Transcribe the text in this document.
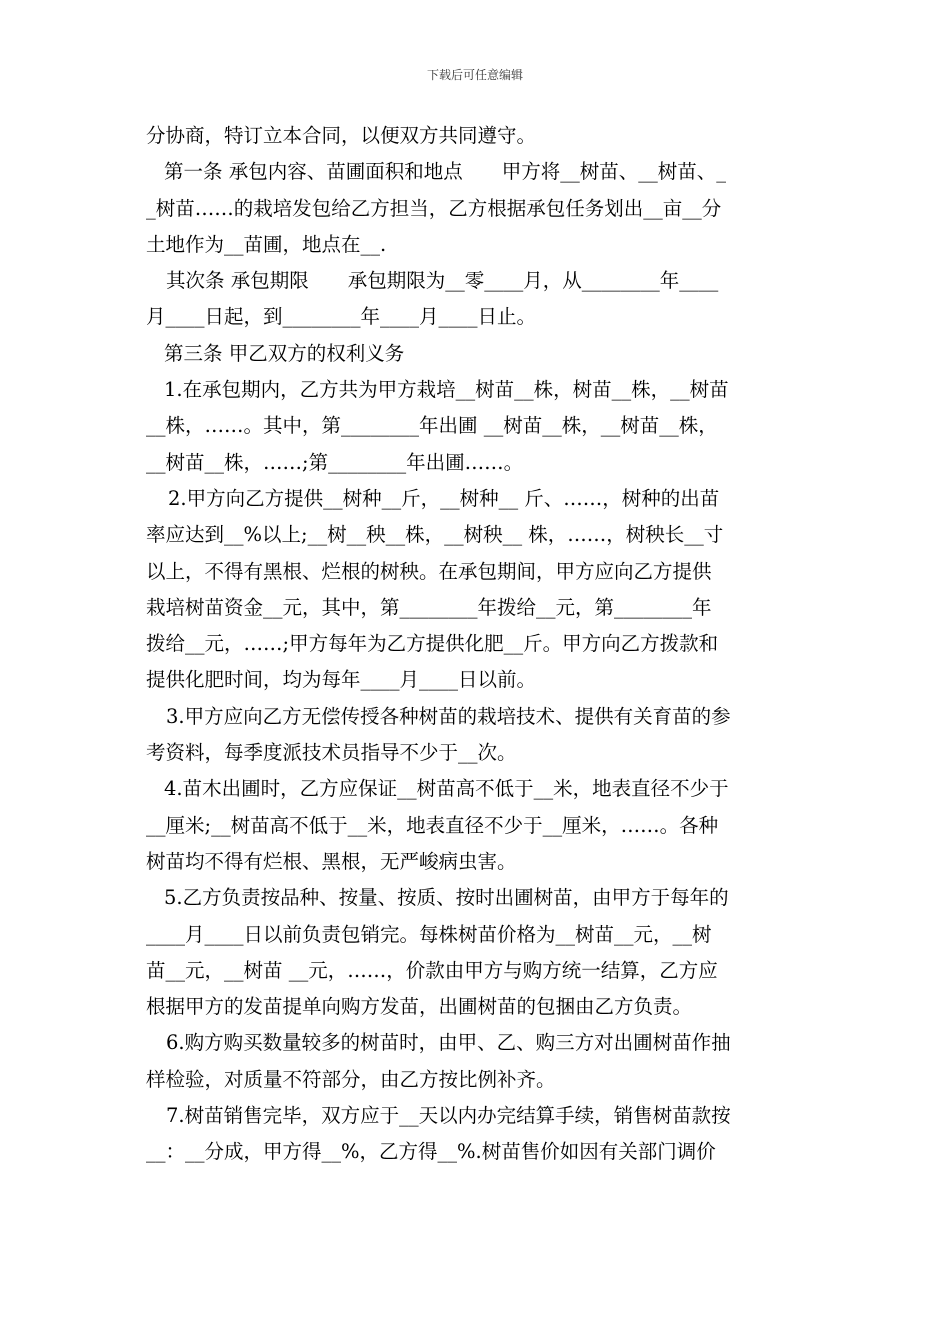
下载后可任意编辑
分协商，特订立本合同，以便双方共同遵守。
第一条 承包内容、苗圃面积和地点　　甲方将__树苗、__树苗、_
_树苗……的栽培发包给乙方担当，乙方根据承包任务划出__亩__分
土地作为__苗圃，地点在__.
其次条 承包期限　　承包期限为__零____月，从________年____
月____日起，到________年____月____日止。
第三条 甲乙双方的权利义务
1.在承包期内，乙方共为甲方栽培__树苗__株，树苗__株，__树苗
__株，……。其中，第________年出圃 __树苗__株，__树苗__株，
__树苗__株，……;第________年出圃……。
2.甲方向乙方提供__树种__斤，__树种__ 斤、……，树种的出苗
率应达到__%以上;__树__秧__株，__树秧__ 株，……，树秧长__寸
以上，不得有黑根、烂根的树秧。在承包期间，甲方应向乙方提供
栽培树苗资金__元，其中，第________年拨给__元，第________年
拨给__元，……;甲方每年为乙方提供化肥__斤。甲方向乙方拨款和
提供化肥时间，均为每年____月____日以前。
3.甲方应向乙方无偿传授各种树苗的栽培技术、提供有关育苗的参
考资料，每季度派技术员指导不少于__次。
4.苗木出圃时，乙方应保证__树苗高不低于__米，地表直径不少于
__厘米;__树苗高不低于__米，地表直径不少于__厘米，……。各种
树苗均不得有烂根、黑根，无严峻病虫害。
5.乙方负责按品种、按量、按质、按时出圃树苗，由甲方于每年的
____月____日以前负责包销完。每株树苗价格为__树苗__元，__树
苗__元，__树苗 __元，……，价款由甲方与购方统一结算，乙方应
根据甲方的发苗提单向购方发苗，出圃树苗的包捆由乙方负责。
6.购方购买数量较多的树苗时，由甲、乙、购三方对出圃树苗作抽
样检验，对质量不符部分，由乙方按比例补齐。
7.树苗销售完毕，双方应于__天以内办完结算手续，销售树苗款按
__：__分成，甲方得__%，乙方得__%.树苗售价如因有关部门调价
